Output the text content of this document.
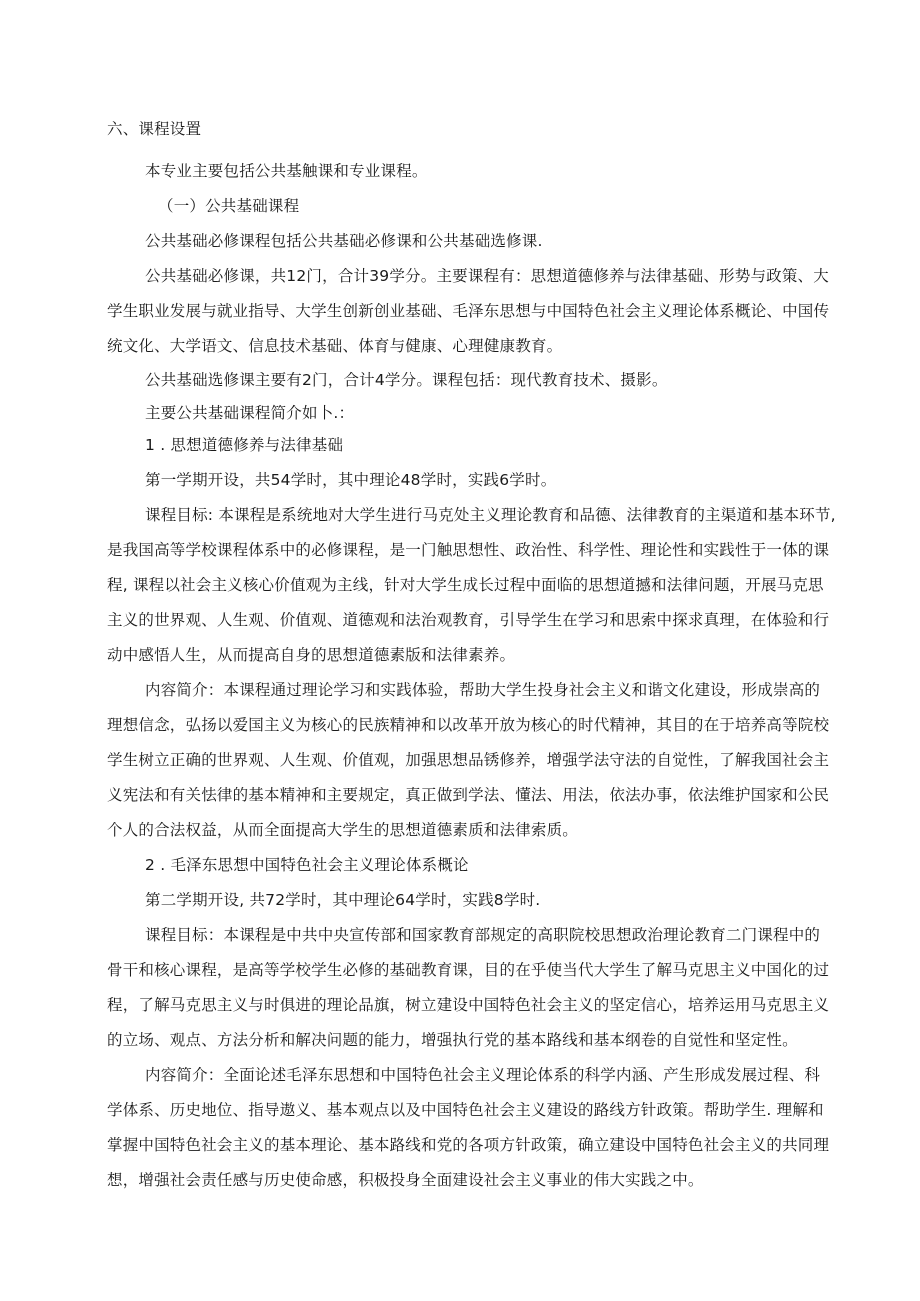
六、课程设置
本专业主要包括公共基触课和专业课程。
（一）公共基础课程
公共基础必修课程包括公共基础必修课和公共基础选修课.
公共基础必修课，共12门，合计39学分。主要课程有：思想道德修养与法律基础、形势与政策、大
学生职业发展与就业指导、大学生创新创业基础、毛泽东思想与中国特色社会主义理论体系概论、中国传
统文化、大学语文、信息技术基础、体育与健康、心理健康教育。
公共基础选修课主要有2门，合计4学分。课程包括：现代教育技术、摄影。
主要公共基础课程简介如卜.：
1 . 思想道德修养与法律基础
第一学期开设，共54学时，其中理论48学时，实践6学时。
课程目标: 本课程是系统地对大学生进行马克处主义理论教育和品德、法律教育的主渠道和基本环节,
是我国高等学校课程体系中的必修课程，是一门触思想性、政治性、科学性、理论性和实践性于一体的课
程, 课程以社会主义核心价值观为主线，针对大学生成长过程中面临的思想道撼和法律问题，开展马克思
主义的世界观、人生观、价值观、道德观和法治观教育，引导学生在学习和思索中探求真理，在体验和行
动中感悟人生，从而提高自身的思想道德素版和法律素养。
内容简介：本课程通过理论学习和实践体验，帮助大学生投身社会主义和谐文化建设，形成崇高的
理想信念，弘扬以爱国主义为核心的民族精神和以改革开放为核心的时代精神，其目的在于培养高等院校
学生树立正确的世界观、人生观、价值观，加强思想品锈修养，增强学法守法的自觉性，了解我国社会主
义宪法和有关怯律的基本精神和主要规定，真正做到学法、懂法、用法，依法办事，依法维护国家和公民
个人的合法权益，从而全面提高大学生的思想道德素质和法律索质。
2 . 毛泽东思想中国特色社会主义理论体系概论
第二学期开设, 共72学时，其中理论64学时，实践8学时.
课程目标：本课程是中共中央宣传部和国家教育部规定的高职院校思想政治理论教育二门课程中的
骨干和核心课程，是高等学校学生必修的基础教育课，目的在乎使当代大学生了解马克思主义中国化的过
程，了解马克思主义与时俱进的理论品旗，树立建设中国特色社会主义的坚定信心，培养运用马克思主义
的立场、观点、方法分析和解决问题的能力，增强执行党的基本路线和基本纲卷的自觉性和坚定性。
内容简介：全面论述毛泽东思想和中国特色社会主义理论体系的科学内涵、产生形成发展过程、科
学体系、历史地位、指导遨义、基本观点以及中国特色社会主义建设的路线方针政策。帮助学生. 理解和
掌握中国特色社会主义的基本理论、基本路线和党的各项方针政策，确立建设中国特色社会主义的共同理
想，增强社会责任感与历史使命感，积极投身全面建设社会主义事业的伟大实践之中。
